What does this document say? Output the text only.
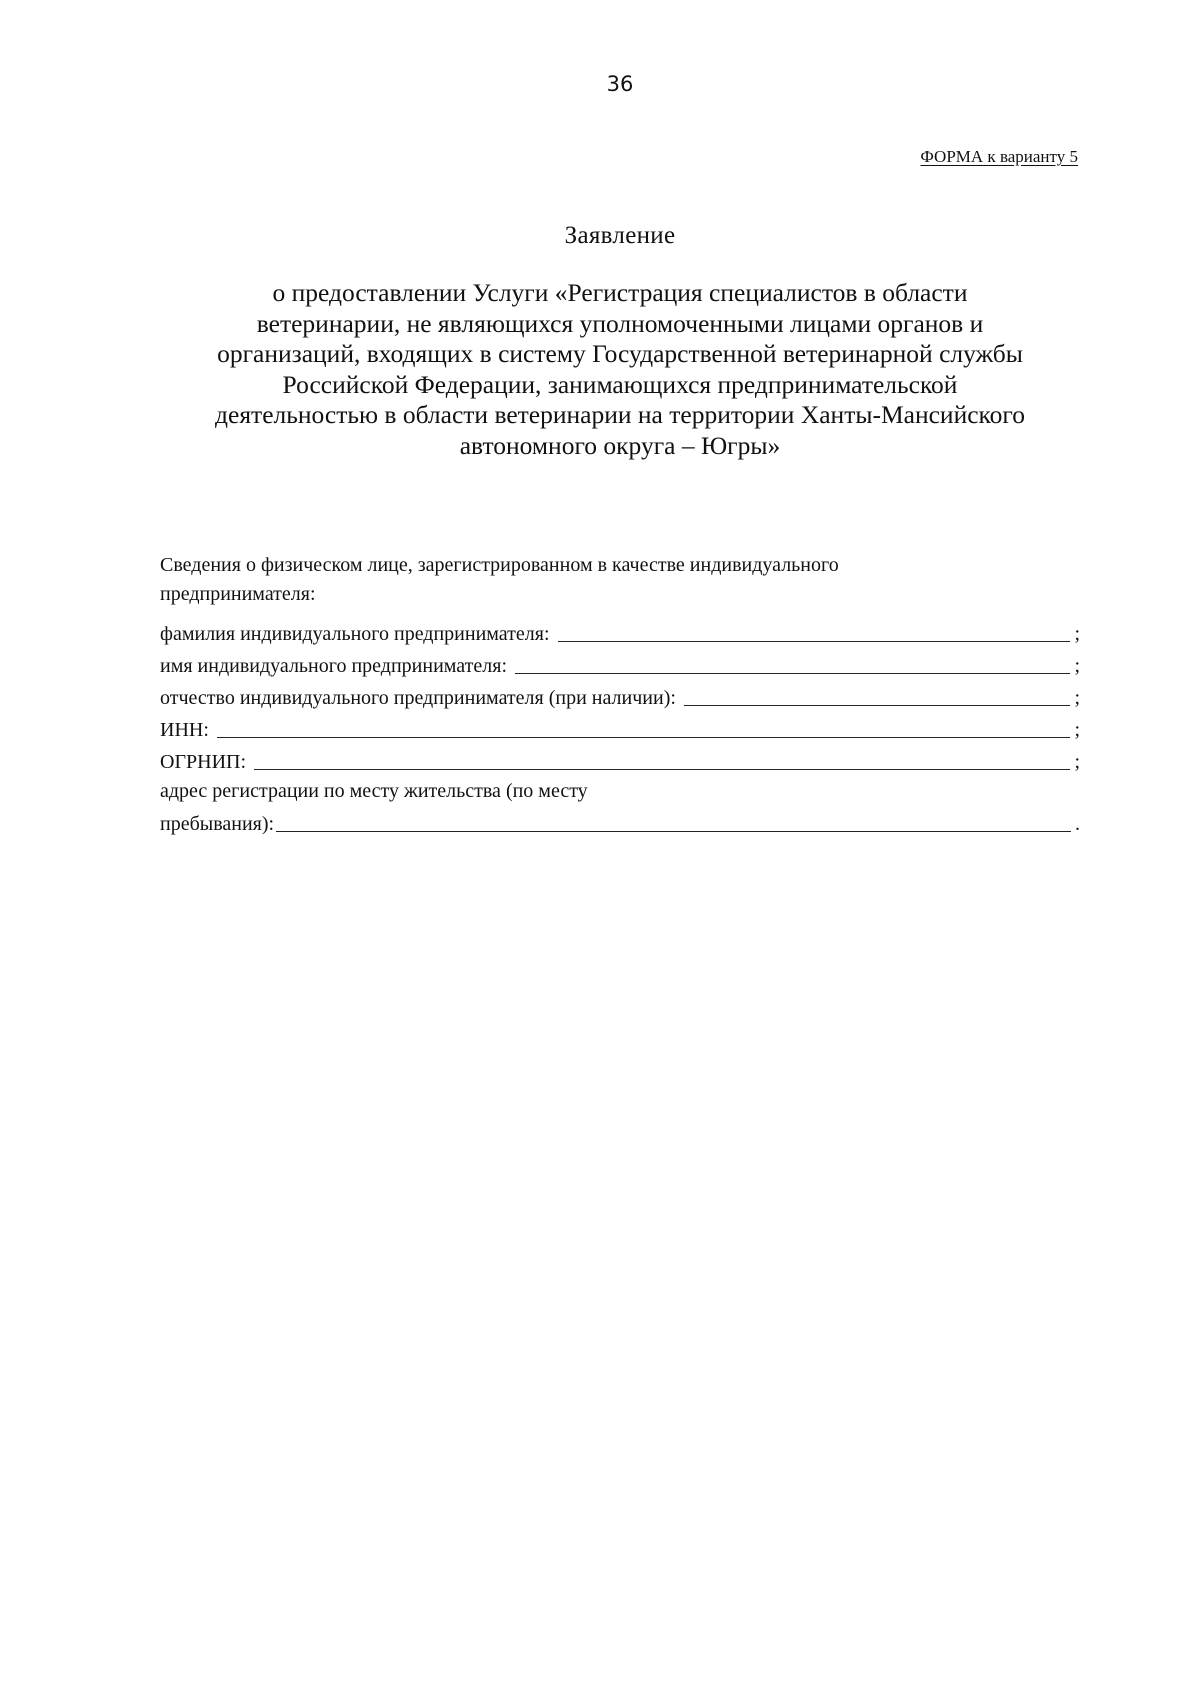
36
ФОРМА к варианту 5
Заявление
о предоставлении Услуги «Регистрация специалистов в области
ветеринарии, не являющихся уполномоченными лицами органов и
организаций, входящих в систему Государственной ветеринарной службы
Российской Федерации, занимающихся предпринимательской
деятельностью в области ветеринарии на территории Ханты-Мансийского
автономного округа – Югры»
Сведения о физическом лице, зарегистрированном в качестве индивидуального
предпринимателя:
фамилия индивидуального предпринимателя:	;
имя индивидуального предпринимателя:	;
отчество индивидуального предпринимателя (при наличии):	;
ИНН:	;
ОГРНИП:	;
адрес регистрации по месту жительства (по месту
пребывания):	.
